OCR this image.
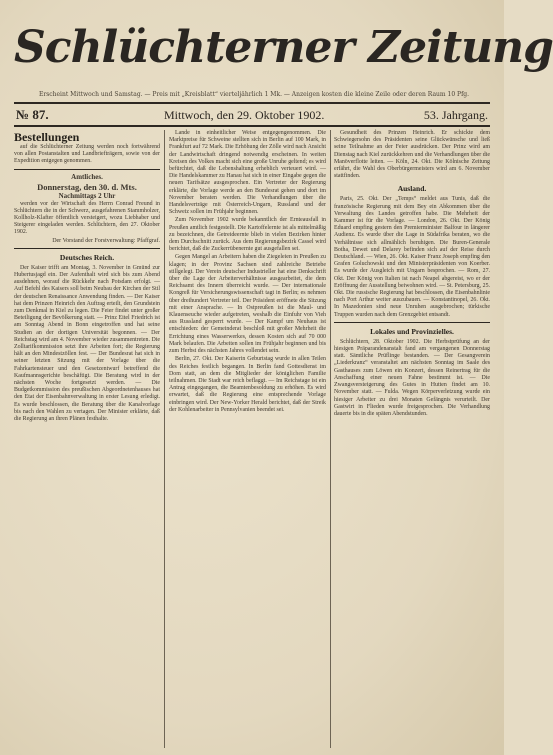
Schlüchterner Zeitung
Erscheint Mittwoch und Samstag. — Preis mit „Kreisblatt“ vierteljährlich 1 Mk. — Anzeigen kosten die kleine Zeile oder deren Raum 10 Pfg.
№ 87.	Mittwoch, den 29. Oktober 1902.	53. Jahrgang.
Bestellungen

auf die Schlüchterner Zeitung werden noch fortwährend von allen Postanstalten und Landbriefträgern, sowie von der Expedition entgegen genommen.

Amtliches.
Donnerstag, den 30. d. Mts.
Nachmittags 2 Uhr

werden vor der Wirtschaft des Herrn Conrad Freund in Schlüchtern die in der Schwerz, ausgefahrenen Stammholzer, Kollholz-Klafter öffentlich versteigert, wozu Liebhaber und Steigerer eingeladen werden. Schlüchtern, den 27. Oktober 1902.

Der Vorstand der Forstverwaltung: Pfaffgraf.
Deutsches Reich.

Der Kaiser trifft am Montag, 3. November in Gmünd zur Hubertusjagd ein. Der Aufenthalt wird sich bis zum Abend ausdehnen, worauf die Rückkehr nach Potsdam erfolgt. — Auf Befehl des Kaisers soll beim Neubau der Kirchen der Stil der deutschen Renaissance Anwendung finden. — Der Kaiser hat dem Prinzen Heinrich den Auftrag erteilt, den Grundstein zum Denkmal in Kiel zu legen. Die Feier findet unter großer Beteiligung der Bevölkerung statt. — Prinz Eitel Friedrich ist am Sonntag Abend in Bonn eingetroffen und hat seine Studien an der dortigen Universität begonnen. — Der Reichstag wird am 4. November wieder zusammentreten. Die Zolltarifkommission setzt ihre Arbeiten fort; die Regierung hält an den Mindestzöllen fest. — Der Bundesrat hat sich in seiner letzten Sitzung mit der Vorlage über die Fahrkartensteuer und den Gesetzentwurf betreffend die Kaufmannsgerichte beschäftigt. Die Beratung wird in der nächsten Woche fortgesetzt werden. — Die Budgetkommission des preußischen Abgeordnetenhauses hat den Etat der Eisenbahnverwaltung in erster Lesung erledigt. Es wurde beschlossen, die Beratung über die Kanalvorlage bis nach den Wahlen zu vertagen. Der Minister erklärte, daß die Regierung an ihren Plänen festhalte.

Lande in einheitlicher Weise entgegengenommen. Die Marktpreise für Schweine stellten sich in Berlin auf 100 Mark, in Frankfurt auf 72 Mark. Die Erhöhung der Zölle wird nach Ansicht der Landwirtschaft dringend notwendig erscheinen. In weiten Kreisen des Volkes macht sich eine große Unruhe geltend; es wird befürchtet, daß die Lebenshaltung erheblich verteuert wird. — Die Handelskammer zu Hanau hat sich in einer Eingabe gegen die neuen Tarifsätze ausgesprochen. Ein Vertreter der Regierung erklärte, die Vorlage werde an den Bundesrat gehen und dort im November beraten werden. Die Verhandlungen über die Handelsverträge mit Österreich-Ungarn, Russland und der Schweiz sollen im Frühjahr beginnen.

Zum November 1902 wurde bekanntlich der Ernteausfall in Preußen amtlich festgestellt. Die Kartoffelernte ist als mittelmäßig zu bezeichnen, die Getreideernte blieb in vielen Bezirken hinter dem Durchschnitt zurück. Aus dem Regierungsbezirk Cassel wird berichtet, daß die Zuckerrübenernte gut ausgefallen sei.

Gegen Mangel an Arbeitern haben die Ziegeleien in Preußen zu klagen; in der Provinz Sachsen sind zahlreiche Betriebe stillgelegt. Der Verein deutscher Industrieller hat eine Denkschrift über die Lage der Arbeiterverhältnisse ausgearbeitet, die dem Reichsamt des Innern überreicht wurde. — Der internationale Kongreß für Versicherungswissenschaft tagt in Berlin; es nehmen über dreihundert Vertreter teil. Der Präsident eröffnete die Sitzung mit einer Ansprache. — In Ostpreußen ist die Maul- und Klauenseuche wieder aufgetreten, weshalb die Einfuhr von Vieh aus Russland gesperrt wurde. — Der Kampf um Neuhaus ist entschieden: der Gemeinderat beschloß mit großer Mehrheit die Errichtung eines Wasserwerkes, dessen Kosten sich auf 70 000 Mark belaufen. Die Arbeiten sollen im Frühjahr beginnen und bis zum Herbst des nächsten Jahres vollendet sein.

Berlin, 27. Okt. Der Kaiserin Geburtstag wurde in allen Teilen des Reiches festlich begangen. In Berlin fand Gottesdienst im Dom statt, an dem die Mitglieder der königlichen Familie teilnahmen. Die Stadt war reich beflaggt. — Im Reichstage ist ein Antrag eingegangen, die Beamtenbesoldung zu erhöhen. Es wird erwartet, daß die Regierung eine entsprechende Vorlage einbringen wird. Der New-Yorker Herald berichtet, daß der Streik der Kohlenarbeiter in Pennsylvanien beendet sei.

Gesundheit des Prinzen Heinrich. Er schickte dem Schwiegersohn des Präsidenten seine Glückwünsche und ließ seine Teilnahme an der Feier ausdrücken. Der Prinz wird am Dienstag nach Kiel zurückkehren und die Verhandlungen über die Manöverflotte leiten. — Köln, 24. Okt. Die Kölnische Zeitung erfährt, die Wahl des Oberbürgermeisters wird am 6. November stattfinden.

Ausland.

Paris, 25. Okt. Der „Temps“ meldet aus Tunis, daß die französische Regierung mit dem Bey ein Abkommen über die Verwaltung des Landes getroffen habe. Die Mehrheit der Kammer ist für die Vorlage. — London, 26. Okt. Der König Eduard empfing gestern den Premierminister Balfour in längerer Audienz. Es wurde über die Lage in Südafrika beraten, wo die Verhältnisse sich allmählich beruhigen. Die Buren-Generale Botha, Dewet und Delarey befinden sich auf der Reise durch Deutschland. — Wien, 26. Okt. Kaiser Franz Joseph empfing den Grafen Goluchowski und den Ministerpräsidenten von Koerber. Es wurde der Ausgleich mit Ungarn besprochen. — Rom, 27. Okt. Der König von Italien ist nach Neapel abgereist, wo er der Eröffnung der Ausstellung beiwohnen wird. — St. Petersburg, 25. Okt. Die russische Regierung hat beschlossen, die Eisenbahnlinie nach Port Arthur weiter auszubauen. — Konstantinopel, 26. Okt. In Mazedonien sind neue Unruhen ausgebrochen; türkische Truppen wurden nach dem Grenzgebiet entsandt.

Lokales und Provinzielles.

Schlüchtern, 28. Oktober 1902. Die Herbstprüfung an der hiesigen Präparandenanstalt fand am vergangenen Donnerstag statt. Sämtliche Prüflinge bestanden. — Der Gesangverein „Liederkranz“ veranstaltet am nächsten Sonntag im Saale des Gasthauses zum Löwen ein Konzert, dessen Reinertrag für die Anschaffung einer neuen Fahne bestimmt ist. — Die Zwangsversteigerung des Gutes in Hutten findet am 10. November statt. — Fulda. Wegen Körperverletzung wurde ein hiesiger Arbeiter zu drei Monaten Gefängnis verurteilt. Der Gastwirt in Flieden wurde freigesprochen. Die Verhandlung dauerte bis in die späten Abendstunden.
